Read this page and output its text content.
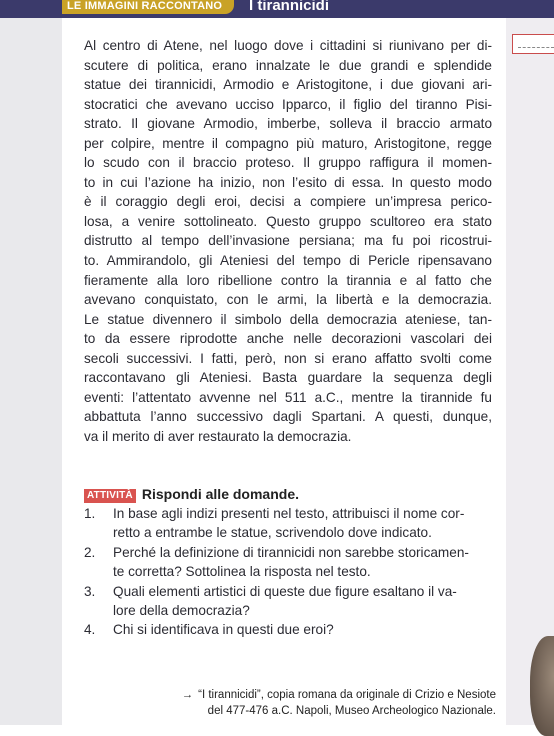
LE IMMAGINI RACCONTANO I tirannicidi
Al centro di Atene, nel luogo dove i cittadini si riunivano per di-
scutere di politica, erano innalzate le due grandi e splendide
statue dei tirannicidi, Armodio e Aristogitone, i due giovani ari-
stocratici che avevano ucciso Ipparco, il figlio del tiranno Pisi-
strato. Il giovane Armodio, imberbe, solleva il braccio armato
per colpire, mentre il compagno più maturo, Aristogitone, regge
lo scudo con il braccio proteso. Il gruppo raffigura il momen-
to in cui l’azione ha inizio, non l’esito di essa. In questo modo
è il coraggio degli eroi, decisi a compiere un’impresa perico-
losa, a venire sottolineato. Questo gruppo scultoreo era stato
distrutto al tempo dell’invasione persiana; ma fu poi ricostrui-
to. Ammirandolo, gli Ateniesi del tempo di Pericle ripensavano
fieramente alla loro ribellione contro la tirannia e al fatto che
avevano conquistato, con le armi, la libertà e la democrazia.
Le statue divennero il simbolo della democrazia ateniese, tan-
to da essere riprodotte anche nelle decorazioni vascolari dei
secoli successivi. I fatti, però, non si erano affatto svolti come
raccontavano gli Ateniesi. Basta guardare la sequenza degli
eventi: l’attentato avvenne nel 511 a.C., mentre la tirannide fu
abbattuta l’anno successivo dagli Spartani. A questi, dunque,
va il merito di aver restaurato la democrazia.
ATTIVITÀ Rispondi alle domande.
1. In base agli indizi presenti nel testo, attribuisci il nome cor-
retto a entrambe le statue, scrivendolo dove indicato.
2. Perché la definizione di tirannicidi non sarebbe storicamen-
te corretta? Sottolinea la risposta nel testo.
3. Quali elementi artistici di queste due figure esaltano il va-
lore della democrazia?
4. Chi si identificava in questi due eroi?
→ “I tirannicidi”, copia romana da originale di Crizio e Nesiote
del 477-476 a.C. Napoli, Museo Archeologico Nazionale.
